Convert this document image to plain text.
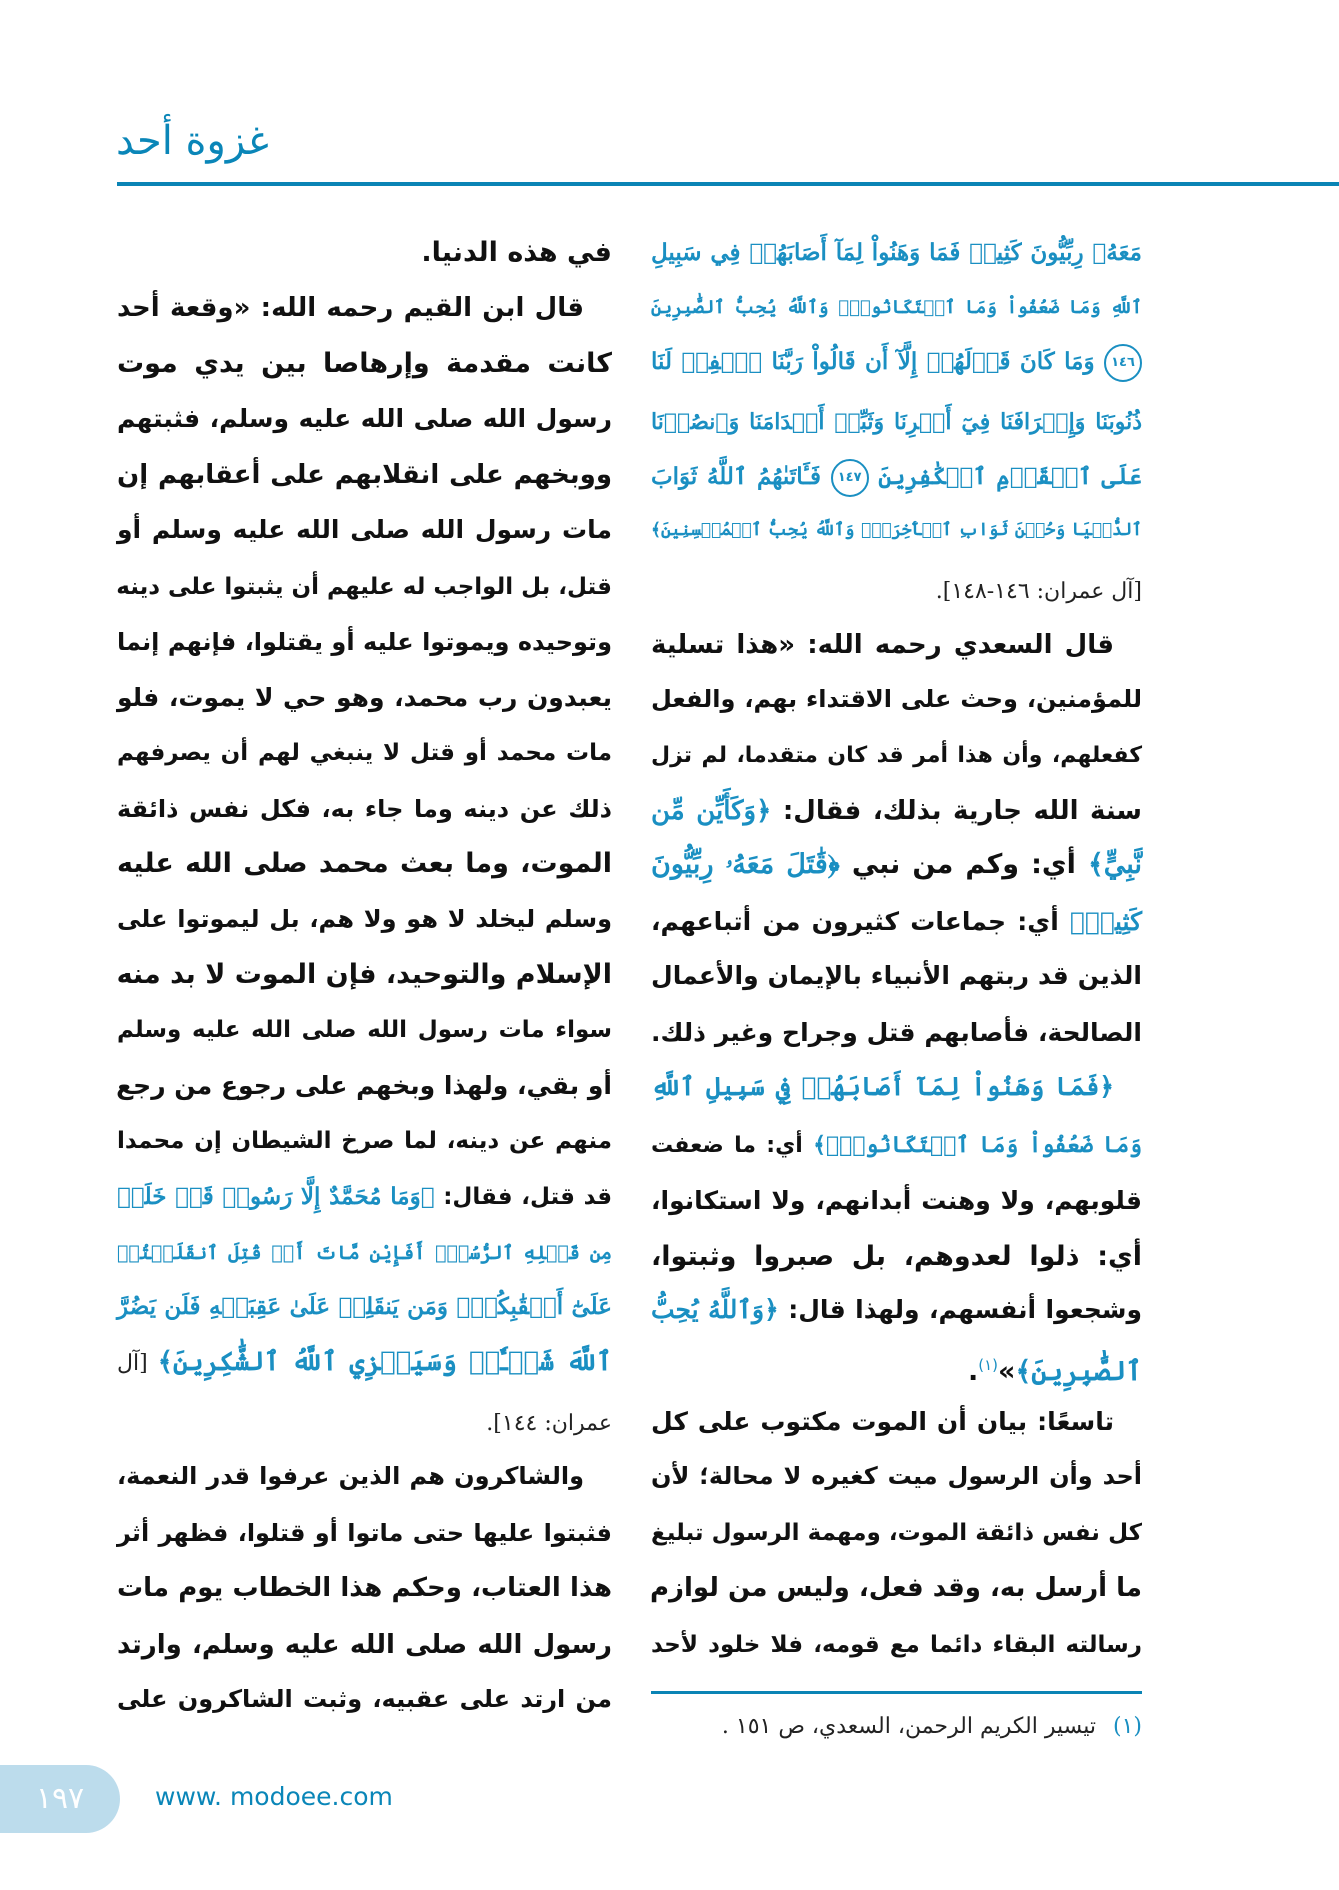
غزوة أحد
مَعَهُۥ رِبِّيُّونَ كَثِيرٞ فَمَا وَهَنُواْ لِمَآ أَصَابَهُمۡ فِي سَبِيلِ
ٱللَّهِ وَمَا ضَعُفُواْ وَمَا ٱسۡتَكَانُواْۗ وَٱللَّهُ يُحِبُّ ٱلصَّٰبِرِينَ
١٤٦ وَمَا كَانَ قَوۡلَهُمۡ إِلَّآ أَن قَالُواْ رَبَّنَا ٱغۡفِرۡ لَنَا
ذُنُوبَنَا وَإِسۡرَافَنَا فِيٓ أَمۡرِنَا وَثَبِّتۡ أَقۡدَامَنَا وَٱنصُرۡنَا
عَلَى ٱلۡقَوۡمِ ٱلۡكَٰفِرِينَ ١٤٧ فَـَٔاتَىٰهُمُ ٱللَّهُ ثَوَابَ
ٱلدُّنۡيَا وَحُسۡنَ ثَوَابِ ٱلۡأٓخِرَةِۗ وَٱللَّهُ يُحِبُّ ٱلۡمُحۡسِنِينَ﴾
[آل عمران: ١٤٦-١٤٨].
قال السعدي رحمه الله: «هذا تسلية
للمؤمنين، وحث على الاقتداء بهم، والفعل
كفعلهم، وأن هذا أمر قد كان متقدما، لم تزل
سنة الله جارية بذلك، فقال: ﴿وَكَأَيِّن مِّن
نَّبِيٍّ﴾ أي: وكم من نبي ﴿قَٰتَلَ مَعَهُۥ رِبِّيُّونَ
كَثِيرٞ﴾ أي: جماعات كثيرون من أتباعهم،
الذين قد ربتهم الأنبياء بالإيمان والأعمال
الصالحة، فأصابهم قتل وجراح وغير ذلك.
﴿فَمَا وَهَنُواْ لِمَآ أَصَابَهُمۡ فِي سَبِيلِ ٱللَّهِ
وَمَا ضَعُفُواْ وَمَا ٱسۡتَكَانُواْۗ﴾ أي: ما ضعفت
قلوبهم، ولا وهنت أبدانهم، ولا استكانوا،
أي: ذلوا لعدوهم، بل صبروا وثبتوا،
وشجعوا أنفسهم، ولهذا قال: ﴿وَٱللَّهُ يُحِبُّ
ٱلصَّٰبِرِينَ﴾»$^{(١)}$.
تاسعًا: بيان أن الموت مكتوب على كل
أحد وأن الرسول ميت كغيره لا محالة؛ لأن
كل نفس ذائقة الموت، ومهمة الرسول تبليغ
ما أرسل به، وقد فعل، وليس من لوازم
رسالته البقاء دائما مع قومه، فلا خلود لأحد
في هذه الدنيا.
قال ابن القيم رحمه الله: «وقعة أحد
كانت مقدمة وإرهاصا بين يدي موت
رسول الله صلى الله عليه وسلم، فثبتهم
ووبخهم على انقلابهم على أعقابهم إن
مات رسول الله صلى الله عليه وسلم أو
قتل، بل الواجب له عليهم أن يثبتوا على دينه
وتوحيده ويموتوا عليه أو يقتلوا، فإنهم إنما
يعبدون رب محمد، وهو حي لا يموت، فلو
مات محمد أو قتل لا ينبغي لهم أن يصرفهم
ذلك عن دينه وما جاء به، فكل نفس ذائقة
الموت، وما بعث محمد صلى الله عليه
وسلم ليخلد لا هو ولا هم، بل ليموتوا على
الإسلام والتوحيد، فإن الموت لا بد منه
سواء مات رسول الله صلى الله عليه وسلم
أو بقي، ولهذا وبخهم على رجوع من رجع
منهم عن دينه، لما صرخ الشيطان إن محمدا
قد قتل، فقال: ﴿وَمَا مُحَمَّدٌ إِلَّا رَسُولٞ قَدۡ خَلَتۡ
مِن قَبۡلِهِ ٱلرُّسُلُۚ أَفَإِيْن مَّاتَ أَوۡ قُتِلَ ٱنقَلَبۡتُمۡ
عَلَىٰٓ أَعۡقَٰبِكُمۡۚ وَمَن يَنقَلِبۡ عَلَىٰ عَقِبَيۡهِ فَلَن يَضُرَّ
ٱللَّهَ شَيۡـٔٗاۗ وَسَيَجۡزِي ٱللَّهُ ٱلشَّٰكِرِينَ﴾ [آل
عمران: ١٤٤].
والشاكرون هم الذين عرفوا قدر النعمة،
فثبتوا عليها حتى ماتوا أو قتلوا، فظهر أثر
هذا العتاب، وحكم هذا الخطاب يوم مات
رسول الله صلى الله عليه وسلم، وارتد
من ارتد على عقبيه، وثبت الشاكرون على
(١) تيسير الكريم الرحمن، السعدي، ص ١٥١ .
١٩٧	www. modoee.com
